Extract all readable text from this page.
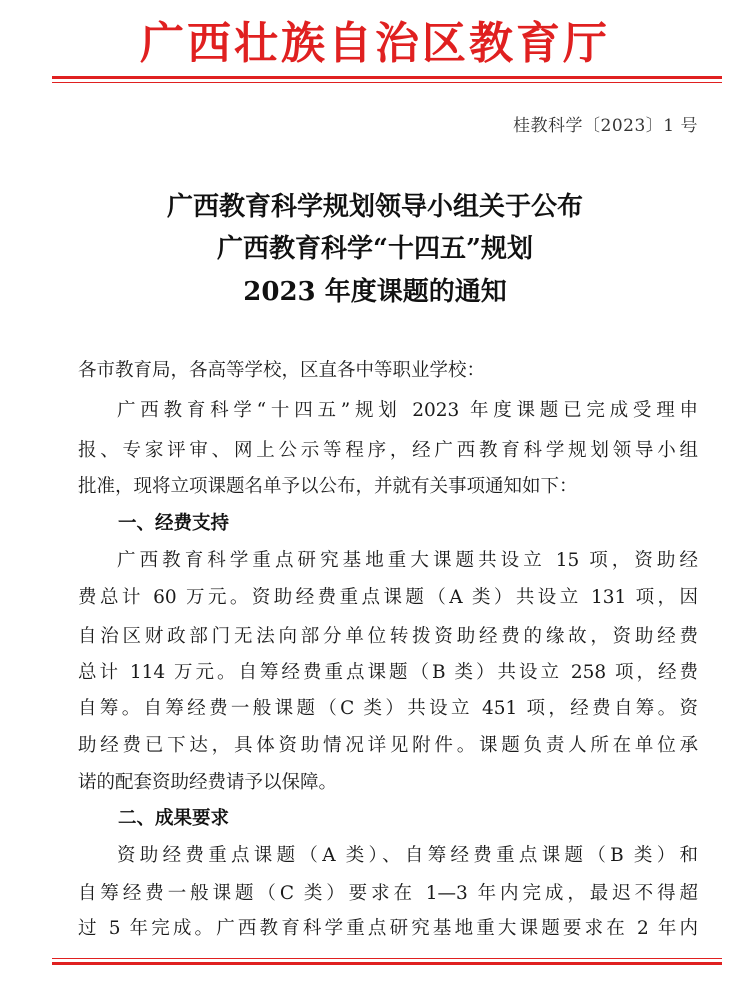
广西壮族自治区教育厅
桂教科学〔2023〕1 号
广西教育科学规划领导小组关于公布
广西教育科学“十四五”规划
2023 年度课题的通知
各市教育局，各高等学校，区直各中等职业学校：
广西教育科学“十四五”规划 2023 年度课题已完成受理申
报、专家评审、网上公示等程序，经广西教育科学规划领导小组
批准，现将立项课题名单予以公布，并就有关事项通知如下：
一、经费支持
广西教育科学重点研究基地重大课题共设立 15 项，资助经
费总计 60 万元。资助经费重点课题（A 类）共设立 131 项，因
自治区财政部门无法向部分单位转拨资助经费的缘故，资助经费
总计 114 万元。自筹经费重点课题（B 类）共设立 258 项，经费
自筹。自筹经费一般课题（C 类）共设立 451 项，经费自筹。资
助经费已下达，具体资助情况详见附件。课题负责人所在单位承
诺的配套资助经费请予以保障。
二、成果要求
资助经费重点课题（A 类）、自筹经费重点课题（B 类）和
自筹经费一般课题（C 类）要求在 1—3 年内完成，最迟不得超
过 5 年完成。广西教育科学重点研究基地重大课题要求在 2 年内
